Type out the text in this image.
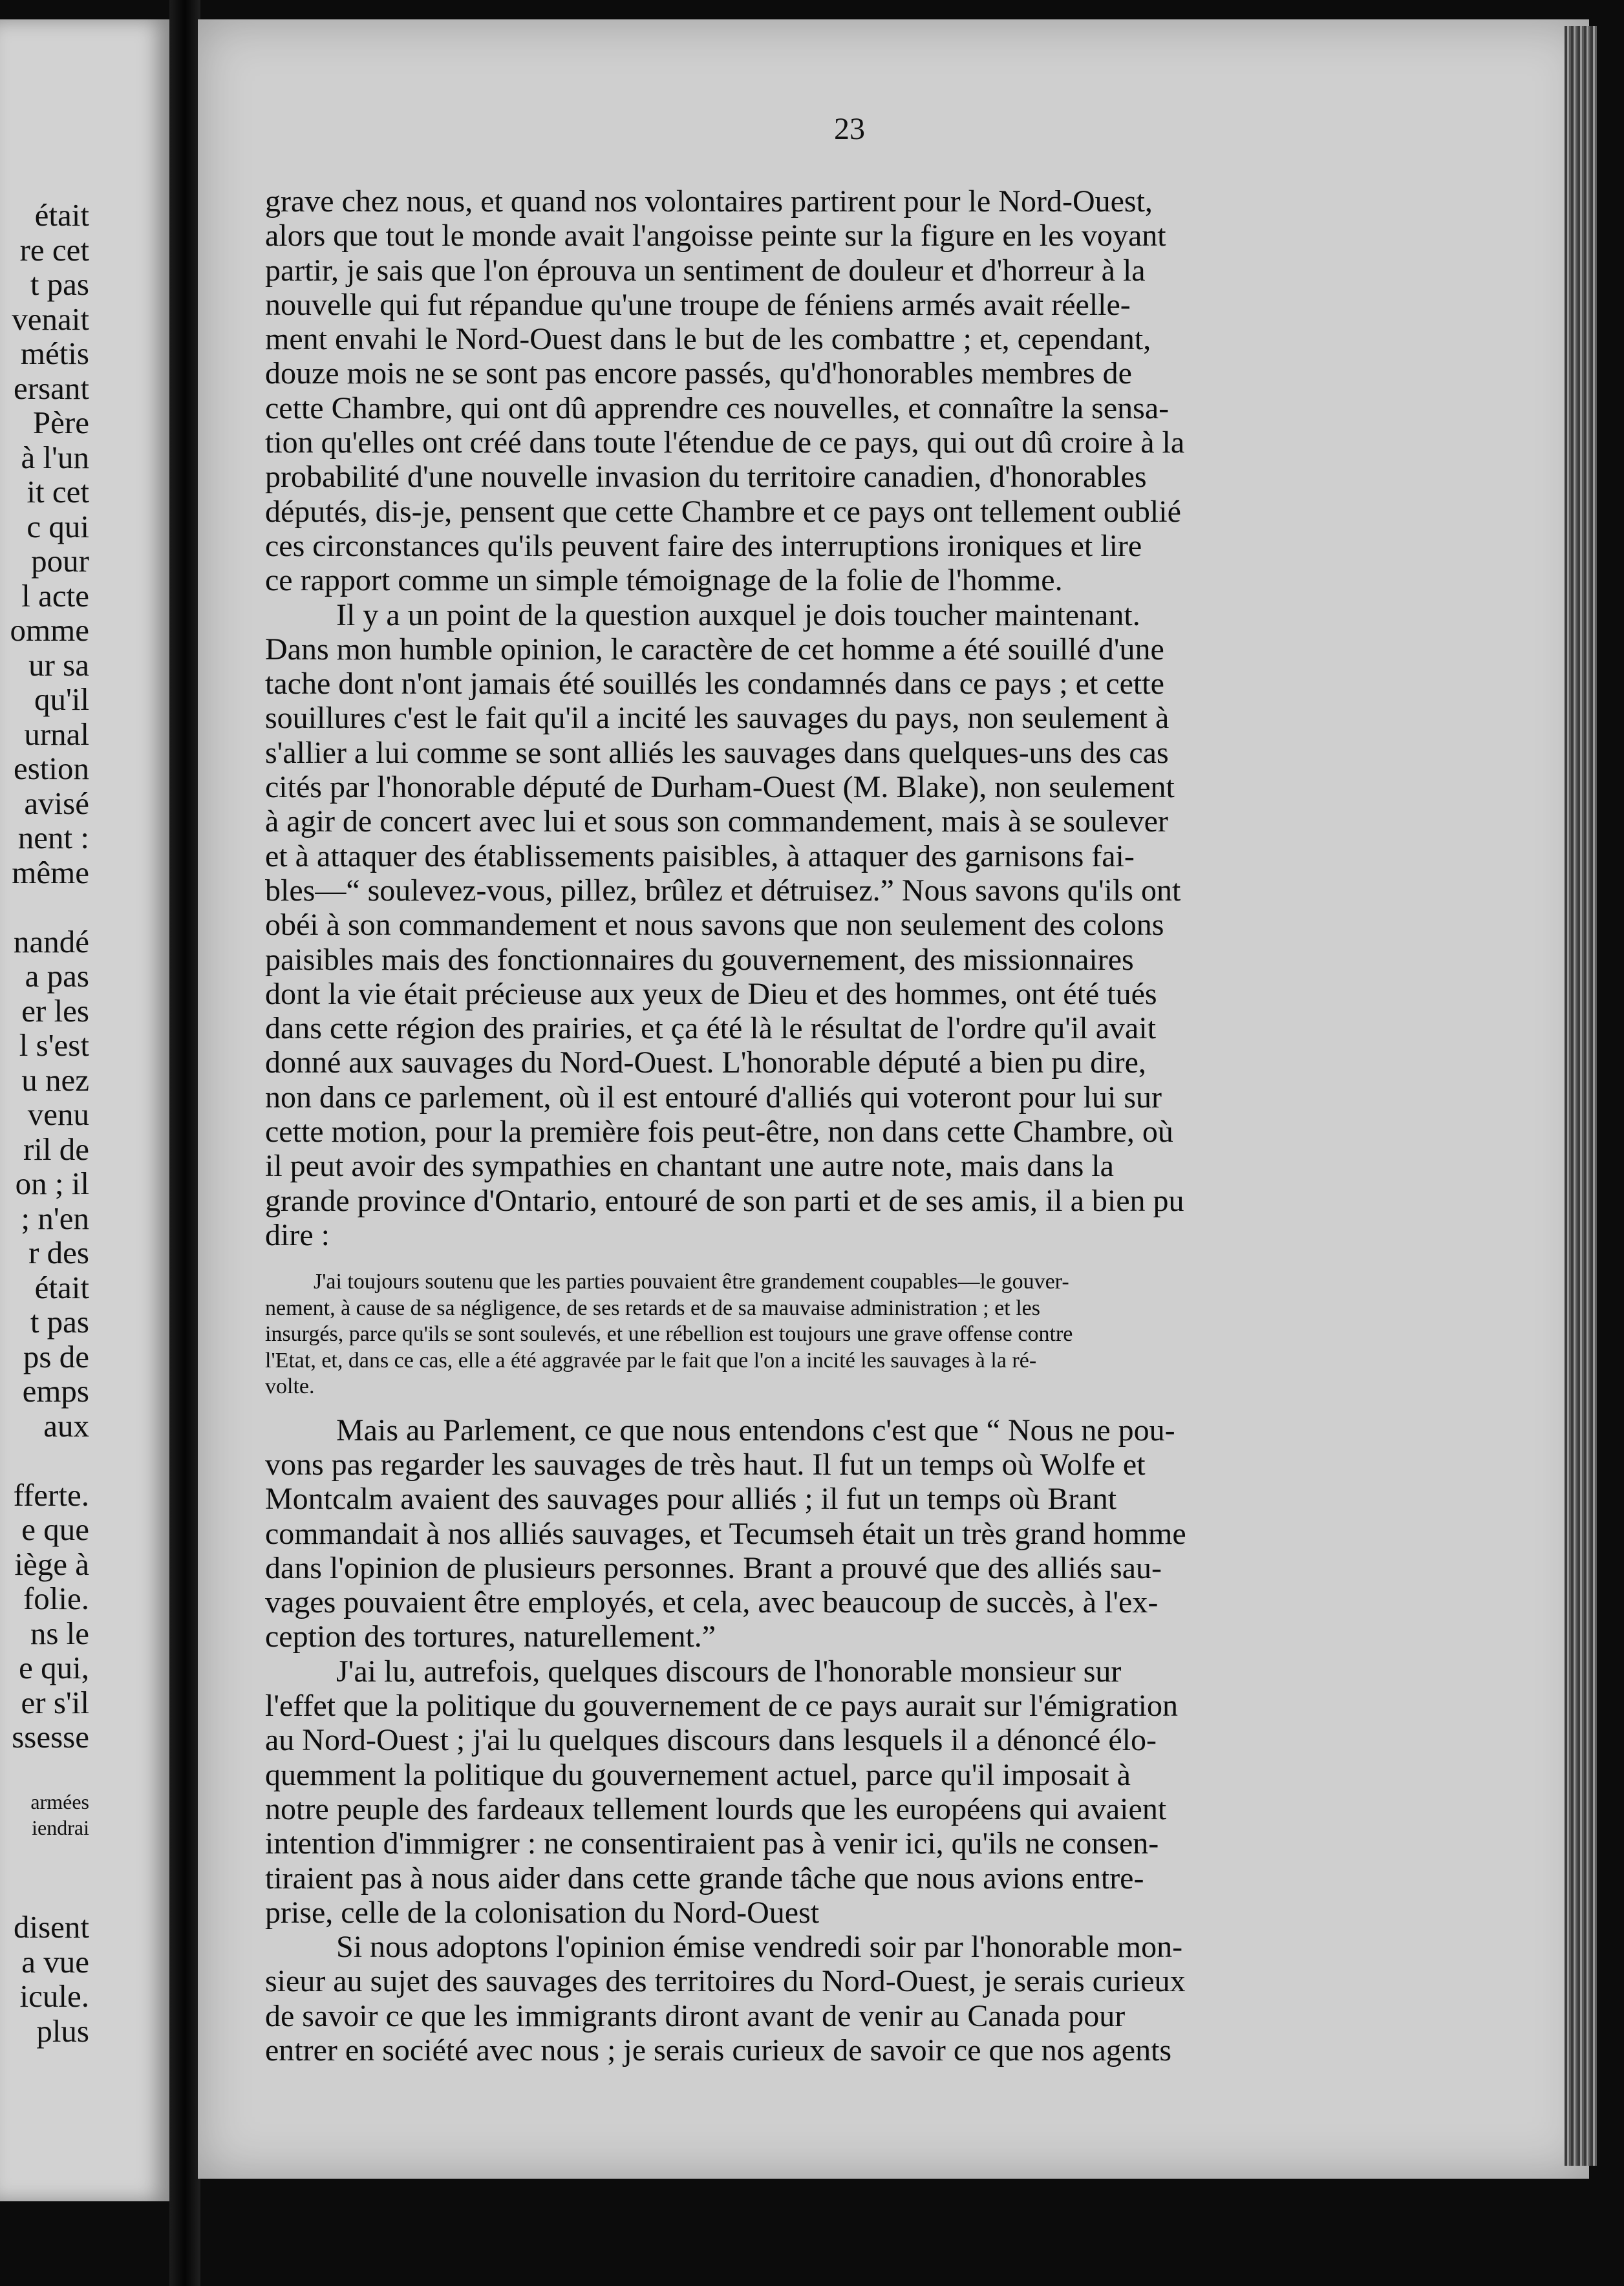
était
re cet
t pas
venait
métis
ersant
Père
à l'un
it cet
c qui
pour
l acte
omme
ur sa
qu'il
urnal
estion
avisé
nent :
même
nandé
a pas
er les
l s'est
u nez
venu
ril de
on ; il
; n'en
r des
était
t pas
ps de
emps
aux
fferte.
e que
iège à
folie.
ns le
e qui,
er s'il
ssesse
armées
iendrai
disent
a vue
icule.
plus
23
grave chez nous, et quand nos volontaires partirent pour le Nord-Ouest,
alors que tout le monde avait l'angoisse peinte sur la figure en les voyant
partir, je sais que l'on éprouva un sentiment de douleur et d'horreur à la
nouvelle qui fut répandue qu'une troupe de féniens armés avait réelle-
ment envahi le Nord-Ouest dans le but de les combattre ; et, cependant,
douze mois ne se sont pas encore passés, qu'd'honorables membres de
cette Chambre, qui ont dû apprendre ces nouvelles, et connaître la sensa-
tion qu'elles ont créé dans toute l'étendue de ce pays, qui out dû croire à la
probabilité d'une nouvelle invasion du territoire canadien, d'honorables
députés, dis-je, pensent que cette Chambre et ce pays ont tellement oublié
ces circonstances qu'ils peuvent faire des interruptions ironiques et lire
ce rapport comme un simple témoignage de la folie de l'homme.
Il y a un point de la question auxquel je dois toucher maintenant.
Dans mon humble opinion, le caractère de cet homme a été souillé d'une
tache dont n'ont jamais été souillés les condamnés dans ce pays ; et cette
souillures c'est le fait qu'il a incité les sauvages du pays, non seulement à
s'allier a lui comme se sont alliés les sauvages dans quelques-uns des cas
cités par l'honorable député de Durham-Ouest (M. Blake), non seulement
à agir de concert avec lui et sous son commandement, mais à se soulever
et à attaquer des établissements paisibles, à attaquer des garnisons fai-
bles—“ soulevez-vous, pillez, brûlez et détruisez.” Nous savons qu'ils ont
obéi à son commandement et nous savons que non seulement des colons
paisibles mais des fonctionnaires du gouvernement, des missionnaires
dont la vie était précieuse aux yeux de Dieu et des hommes, ont été tués
dans cette région des prairies, et ça été là le résultat de l'ordre qu'il avait
donné aux sauvages du Nord-Ouest. L'honorable député a bien pu dire,
non dans ce parlement, où il est entouré d'alliés qui voteront pour lui sur
cette motion, pour la première fois peut-être, non dans cette Chambre, où
il peut avoir des sympathies en chantant une autre note, mais dans la
grande province d'Ontario, entouré de son parti et de ses amis, il a bien pu
dire :
J'ai toujours soutenu que les parties pouvaient être grandement coupables—le gouver-
nement, à cause de sa négligence, de ses retards et de sa mauvaise administration ; et les
insurgés, parce qu'ils se sont soulevés, et une rébellion est toujours une grave offense contre
l'Etat, et, dans ce cas, elle a été aggravée par le fait que l'on a incité les sauvages à la ré-
volte.
Mais au Parlement, ce que nous entendons c'est que “ Nous ne pou-
vons pas regarder les sauvages de très haut. Il fut un temps où Wolfe et
Montcalm avaient des sauvages pour alliés ; il fut un temps où Brant
commandait à nos alliés sauvages, et Tecumseh était un très grand homme
dans l'opinion de plusieurs personnes. Brant a prouvé que des alliés sau-
vages pouvaient être employés, et cela, avec beaucoup de succès, à l'ex-
ception des tortures, naturellement.”
J'ai lu, autrefois, quelques discours de l'honorable monsieur sur
l'effet que la politique du gouvernement de ce pays aurait sur l'émigration
au Nord-Ouest ; j'ai lu quelques discours dans lesquels il a dénoncé élo-
quemment la politique du gouvernement actuel, parce qu'il imposait à
notre peuple des fardeaux tellement lourds que les européens qui avaient
intention d'immigrer : ne consentiraient pas à venir ici, qu'ils ne consen-
tiraient pas à nous aider dans cette grande tâche que nous avions entre-
prise, celle de la colonisation du Nord-Ouest
Si nous adoptons l'opinion émise vendredi soir par l'honorable mon-
sieur au sujet des sauvages des territoires du Nord-Ouest, je serais curieux
de savoir ce que les immigrants diront avant de venir au Canada pour
entrer en société avec nous ; je serais curieux de savoir ce que nos agents
